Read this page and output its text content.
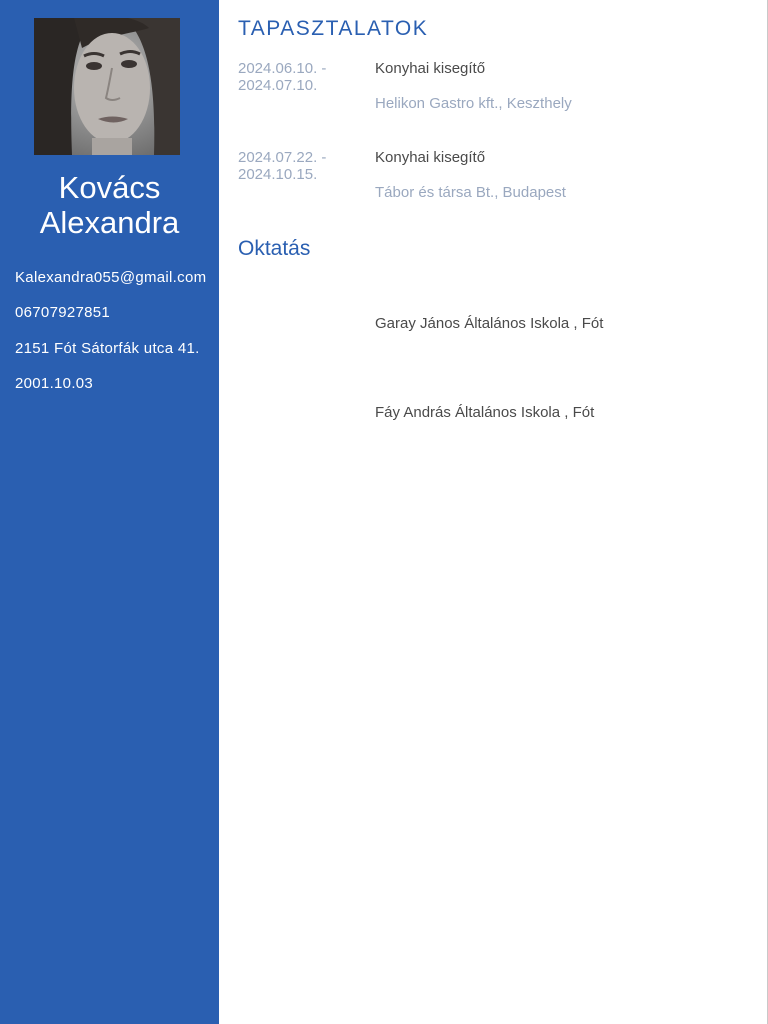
Kovács Alexandra
Kalexandra055@gmail.com
06707927851
2151 Fót Sátorfák utca 41.
2001.10.03
TAPASZTALATOK
2024.06.10. - 2024.07.10.
Konyhai kisegítő
Helikon Gastro kft., Keszthely
2024.07.22. - 2024.10.15.
Konyhai kisegítő
Tábor és társa Bt., Budapest
Oktatás
Garay János Általános Iskola , Fót
Fáy András Általános Iskola , Fót
